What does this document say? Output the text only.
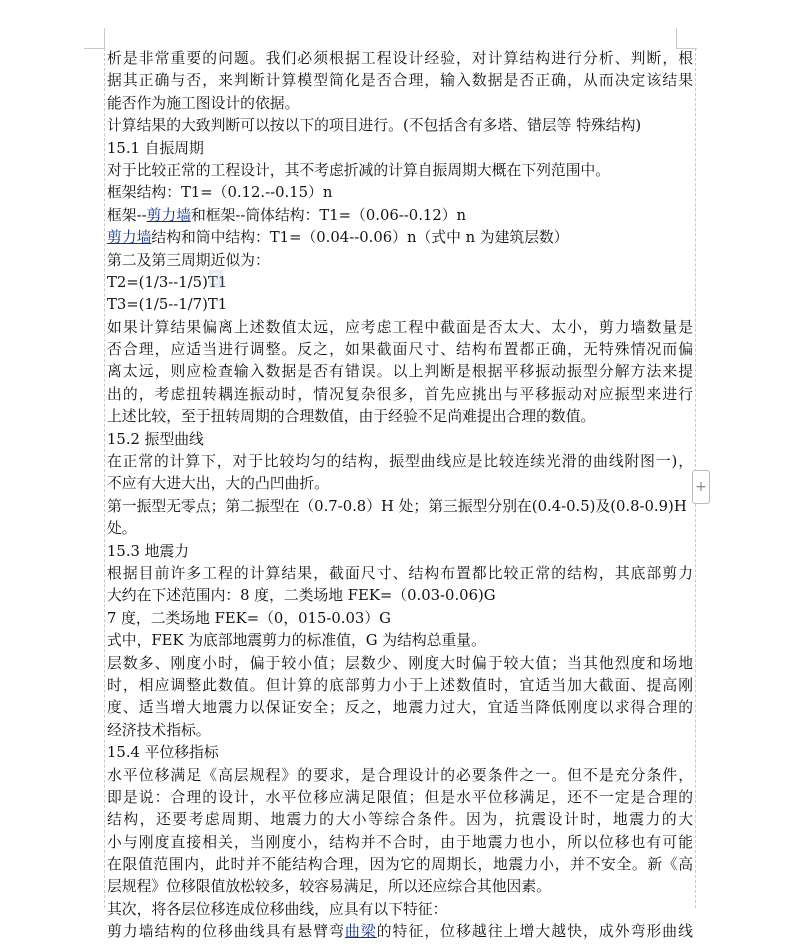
析是非常重要的问题。我们必须根据工程设计经验，对计算结构进行分析、判断，根
据其正确与否，来判断计算模型简化是否合理，输入数据是否正确，从而决定该结果
能否作为施工图设计的依据。
计算结果的大致判断可以按以下的项目进行。(不包括含有多塔、错层等 特殊结构)
15.1 自振周期
对于比较正常的工程设计，其不考虑折减的计算自振周期大概在下列范围中。
框架结构：T1=（0.12.--0.15）n
框架--剪力墙和框架--筒体结构：T1=（0.06--0.12）n
剪力墙结构和筒中结构：T1=（0.04--0.06）n（式中 n 为建筑层数）
第二及第三周期近似为：
T2=(1/3--1/5)T1
T3=(1/5--1/7)T1
如果计算结果偏离上述数值太远，应考虑工程中截面是否太大、太小，剪力墙数量是
否合理，应适当进行调整。反之，如果截面尺寸、结构布置都正确，无特殊情况而偏
离太远，则应检查输入数据是否有错误。以上判断是根据平移振动振型分解方法来提
出的，考虑扭转耦连振动时，情况复杂很多，首先应挑出与平移振动对应振型来进行
上述比较，至于扭转周期的合理数值，由于经验不足尚难提出合理的数值。
15.2 振型曲线
在正常的计算下，对于比较均匀的结构，振型曲线应是比较连续光滑的曲线附图一)，
不应有大进大出，大的凸凹曲折。
第一振型无零点；第二振型在（0.7-0.8）H 处；第三振型分别在(0.4-0.5)及(0.8-0.9)H
处。
15.3 地震力
根据目前许多工程的计算结果，截面尺寸、结构布置都比较正常的结构，其底部剪力
大约在下述范围内：8 度，二类场地 FEK=（0.03-0.06)G
7 度，二类场地 FEK=（0，015-0.03）G
式中，FEK 为底部地震剪力的标准值，G 为结构总重量。
层数多、刚度小时，偏于较小值；层数少、刚度大时偏于较大值；当其他烈度和场地
时，相应调整此数值。但计算的底部剪力小于上述数值时，宜适当加大截面、提高刚
度、适当增大地震力以保证安全；反之，地震力过大，宜适当降低刚度以求得合理的
经济技术指标。
15.4 平位移指标
水平位移满足《高层规程》的要求，是合理设计的必要条件之一。但不是充分条件，
即是说：合理的设计，水平位移应满足限值；但是水平位移满足，还不一定是合理的
结构，还要考虑周期、地震力的大小等综合条件。因为，抗震设计时，地震力的大
小与刚度直接相关，当刚度小，结构并不合时，由于地震力也小，所以位移也有可能
在限值范围内，此时并不能结构合理，因为它的周期长，地震力小，并不安全。新《高
层规程》位移限值放松较多，较容易满足，所以还应综合其他因素。
其次，将各层位移连成位移曲线，应具有以下特征：
剪力墙结构的位移曲线具有悬臂弯曲梁的特征，位移越往上增大越快，成外弯形曲线
+
